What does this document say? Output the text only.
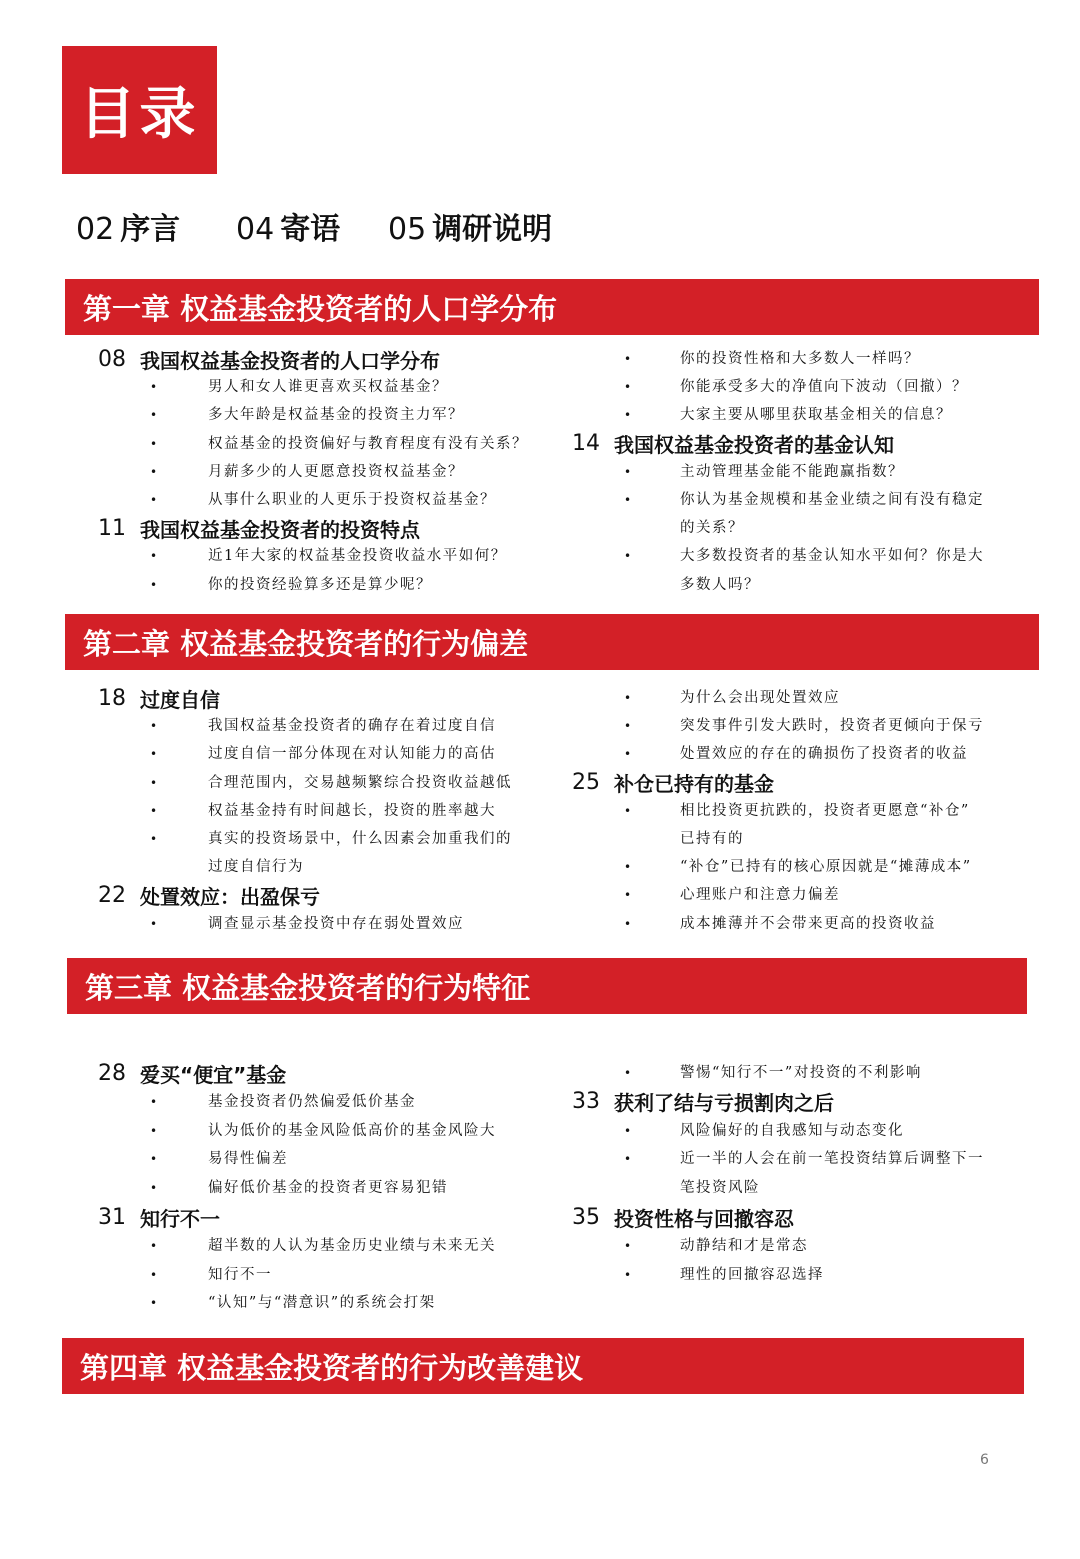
目录
02 序言 04 寄语 05 调研说明
第一章 权益基金投资者的人口学分布
08 我国权益基金投资者的人口学分布
•	男人和女人谁更喜欢买权益基金？
•	多大年龄是权益基金的投资主力军？
•	权益基金的投资偏好与教育程度有没有关系？
•	月薪多少的人更愿意投资权益基金？
•	从事什么职业的人更乐于投资权益基金？
11 我国权益基金投资者的投资特点
•	近1年大家的权益基金投资收益水平如何？
•	你的投资经验算多还是算少呢？
•	你的投资性格和大多数人一样吗？
•	你能承受多大的净值向下波动（回撤）？
•	大家主要从哪里获取基金相关的信息？
14 我国权益基金投资者的基金认知
•	主动管理基金能不能跑赢指数？
•	你认为基金规模和基金业绩之间有没有稳定
的关系？
•	大多数投资者的基金认知水平如何？你是大
多数人吗？
第二章 权益基金投资者的行为偏差
18 过度自信
•	我国权益基金投资者的确存在着过度自信
•	过度自信一部分体现在对认知能力的高估
•	合理范围内，交易越频繁综合投资收益越低
•	权益基金持有时间越长，投资的胜率越大
•	真实的投资场景中，什么因素会加重我们的
过度自信行为
22 处置效应：出盈保亏
•	调查显示基金投资中存在弱处置效应
•	为什么会出现处置效应
•	突发事件引发大跌时，投资者更倾向于保亏
•	处置效应的存在的确损伤了投资者的收益
25 补仓已持有的基金
•	相比投资更抗跌的，投资者更愿意“补仓”
已持有的
•	“补仓”已持有的核心原因就是“摊薄成本”
•	心理账户和注意力偏差
•	成本摊薄并不会带来更高的投资收益
第三章 权益基金投资者的行为特征
28 爱买“便宜”基金
•	基金投资者仍然偏爱低价基金
•	认为低价的基金风险低高价的基金风险大
•	易得性偏差
•	偏好低价基金的投资者更容易犯错
31 知行不一
•	超半数的人认为基金历史业绩与未来无关
•	知行不一
•	“认知”与“潜意识”的系统会打架
•	警惕“知行不一”对投资的不利影响
33 获利了结与亏损割肉之后
•	风险偏好的自我感知与动态变化
•	近一半的人会在前一笔投资结算后调整下一
笔投资风险
35 投资性格与回撤容忍
•	动静结和才是常态
•	理性的回撤容忍选择
第四章 权益基金投资者的行为改善建议
6
